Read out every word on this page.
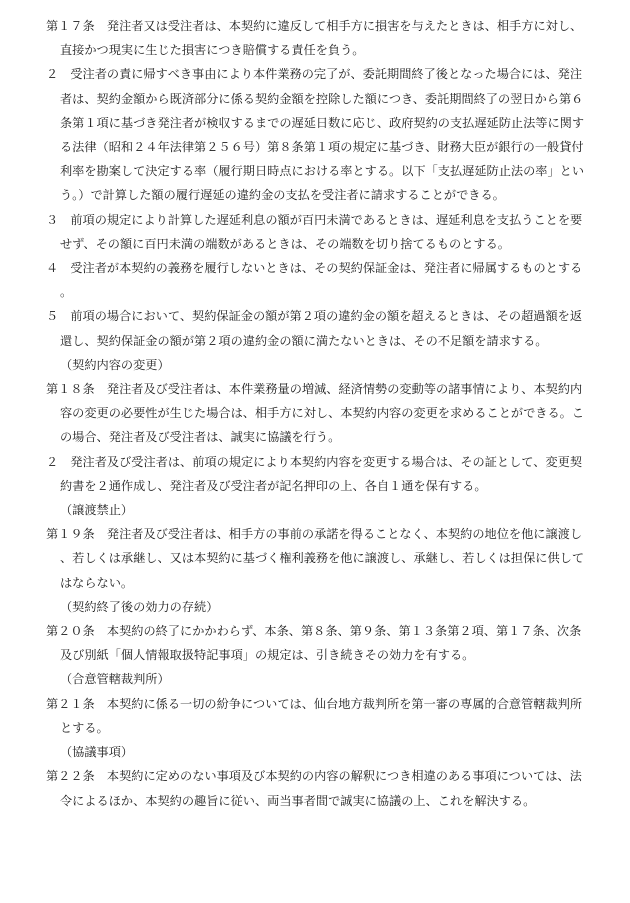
第１７条　発注者又は受注者は、本契約に違反して相手方に損害を与えたときは、相手方に対し、直接かつ現実に生じた損害につき賠償する責任を負う。

２　受注者の責に帰すべき事由により本件業務の完了が、委託期間終了後となった場合には、発注者は、契約金額から既済部分に係る契約金額を控除した額につき、委託期間終了の翌日から第６条第１項に基づき発注者が検収するまでの遅延日数に応じ、政府契約の支払遅延防止法等に関する法律（昭和２４年法律第２５６号）第８条第１項の規定に基づき、財務大臣が銀行の一般貸付利率を勘案して決定する率（履行期日時点における率とする。以下「支払遅延防止法の率」という。）で計算した額の履行遅延の違約金の支払を受注者に請求することができる。

３　前項の規定により計算した遅延利息の額が百円未満であるときは、遅延利息を支払うことを要せず、その額に百円未満の端数があるときは、その端数を切り捨てるものとする。

４　受注者が本契約の義務を履行しないときは、その契約保証金は、発注者に帰属するものとする。

５　前項の場合において、契約保証金の額が第２項の違約金の額を超えるときは、その超過額を返還し、契約保証金の額が第２項の違約金の額に満たないときは、その不足額を請求する。

（契約内容の変更）

第１８条　発注者及び受注者は、本件業務量の増減、経済情勢の変動等の諸事情により、本契約内容の変更の必要性が生じた場合は、相手方に対し、本契約内容の変更を求めることができる。この場合、発注者及び受注者は、誠実に協議を行う。

２　発注者及び受注者は、前項の規定により本契約内容を変更する場合は、その証として、変更契約書を２通作成し、発注者及び受注者が記名押印の上、各自１通を保有する。

（譲渡禁止）

第１９条　発注者及び受注者は、相手方の事前の承諾を得ることなく、本契約の地位を他に譲渡し、若しくは承継し、又は本契約に基づく権利義務を他に譲渡し、承継し、若しくは担保に供してはならない。

（契約終了後の効力の存続）

第２０条　本契約の終了にかかわらず、本条、第８条、第９条、第１３条第２項、第１７条、次条及び別紙「個人情報取扱特記事項」の規定は、引き続きその効力を有する。

（合意管轄裁判所）

第２１条　本契約に係る一切の紛争については、仙台地方裁判所を第一審の専属的合意管轄裁判所とする。

（協議事項）

第２２条　本契約に定めのない事項及び本契約の内容の解釈につき相違のある事項については、法令によるほか、本契約の趣旨に従い、両当事者間で誠実に協議の上、これを解決する。
